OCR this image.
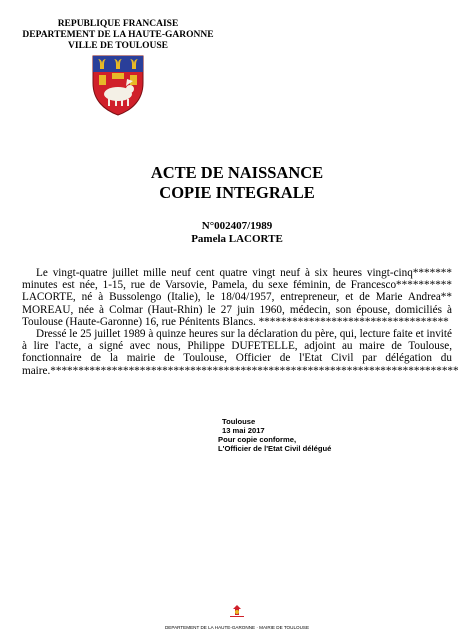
REPUBLIQUE FRANCAISE
DEPARTEMENT DE LA HAUTE-GARONNE
VILLE DE TOULOUSE
ACTE DE NAISSANCE
COPIE INTEGRALE
N°002407/1989
Pamela LACORTE

Le vingt-quatre juillet mille neuf cent quatre vingt neuf à six heures vingt-cinq******* minutes est née, 1-15, rue de Varsovie, Pamela, du sexe féminin, de Francesco********** LACORTE, né à Bussolengo (Italie), le 18/04/1957, entrepreneur, et de Marie Andrea** MOREAU, née à Colmar (Haut-Rhin) le 27 juin 1960, médecin, son épouse, domiciliés à Toulouse (Haute-Garonne) 16, rue Pénitents Blancs. **********************************

Dressé le 25 juillet 1989 à quinze heures sur la déclaration du père, qui, lecture faite et invité à lire l'acte, a signé avec nous, Philippe DUFETELLE, adjoint au maire de Toulouse, fonctionnaire de la mairie de Toulouse, Officier de l'Etat Civil par délégation du maire.*************************************************************************

Toulouse
13 mai 2017
Pour copie conforme,
L'Officier de l'Etat Civil délégué
DEPARTEMENT DE LA HAUTE-GARONNE · MAIRIE DE TOULOUSE
